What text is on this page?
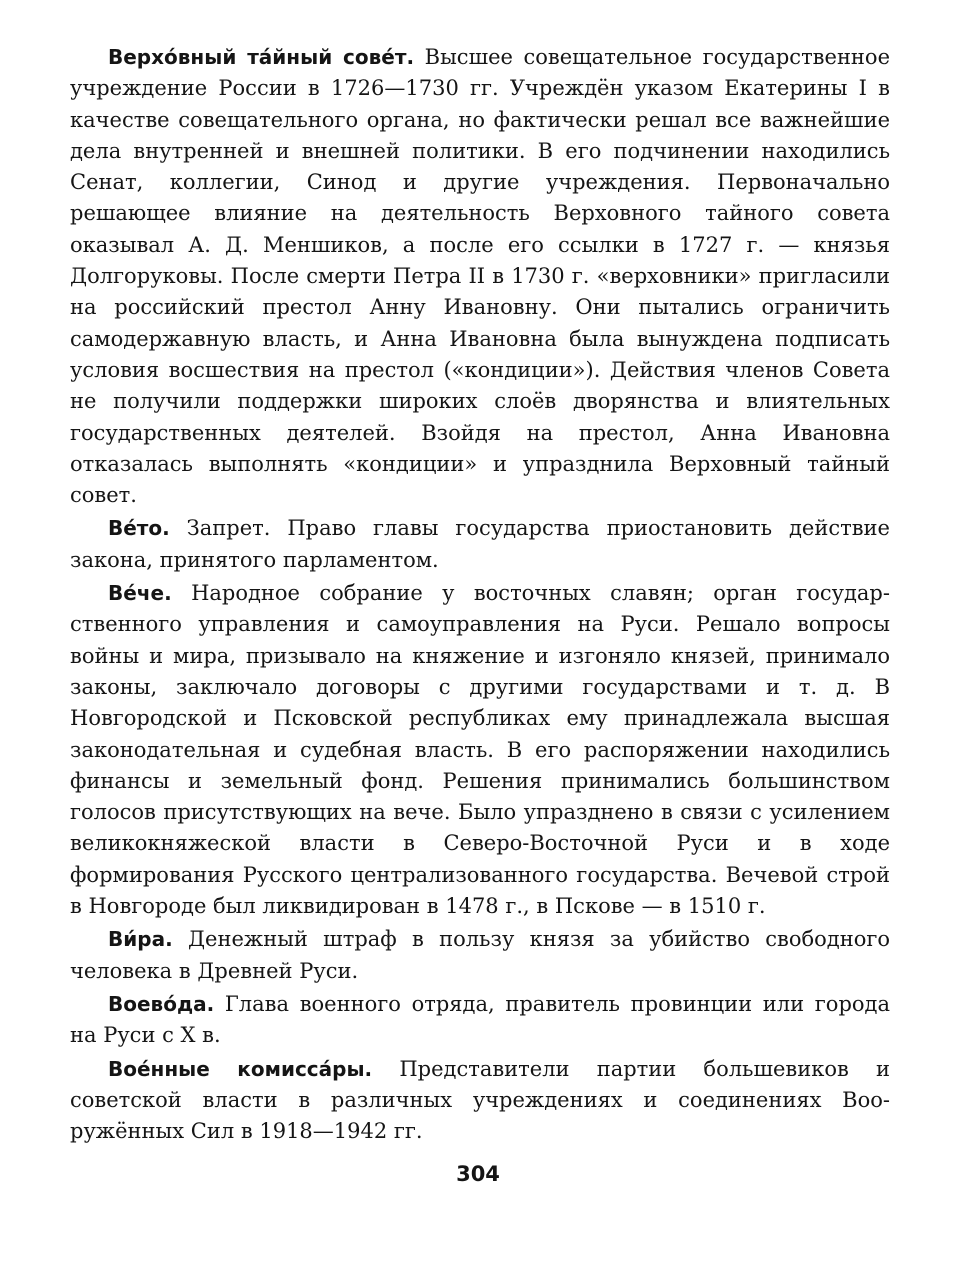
Верхо́вный та́йный сове́т. Высшее совещательное государственное учреждение России в 1726—1730 гг. Учреждён указом Екатерины I в качестве совещательного органа, но фактически решал все важнейшие дела внутренней и внешней политики. В его подчинении находились Сенат, коллегии, Синод и другие учреждения. Первоначально решающее влияние на деятельность Верховного тайного совета оказывал А. Д. Меншиков, а после его ссылки в 1727 г. — князья Долгоруковы. После смерти Петра II в 1730 г. «верховники» пригласили на российский престол Анну Ивановну. Они пытались ограничить самодержавную власть, и Анна Ивановна была вынуждена подписать условия восшествия на престол («кондиции»). Действия членов Совета не получили поддержки широких слоёв дворянства и влиятельных государственных деятелей. Взойдя на престол, Анна Ивановна отказалась выполнять «кондиции» и упразднила Верховный тайный совет.

Ве́то. Запрет. Право главы государства приостановить действие закона, принятого парламентом.

Ве́че. Народное собрание у восточных славян; орган государственного управления и самоуправления на Руси. Решало вопросы войны и мира, призывало на княжение и изгоняло князей, принимало законы, заключало договоры с другими государствами и т. д. В Новгородской и Псковской республиках ему принадлежала высшая законодательная и судебная власть. В его распоряжении находились финансы и земельный фонд. Решения принимались большинством голосов присутствующих на вече. Было упразднено в связи с усилением великокняжеской власти в Северо-Восточной Руси и в ходе формирования Русского централизованного государства. Вечевой строй в Новгороде был ликвидирован в 1478 г., в Пскове — в 1510 г.

Ви́ра. Денежный штраф в пользу князя за убийство свободного человека в Древней Руси.

Воево́да. Глава военного отряда, правитель провинции или города на Руси с X в.

Вое́нные комисса́ры. Представители партии большевиков и советской власти в различных учреждениях и соединениях Вооружённых Сил в 1918—1942 гг.

304
